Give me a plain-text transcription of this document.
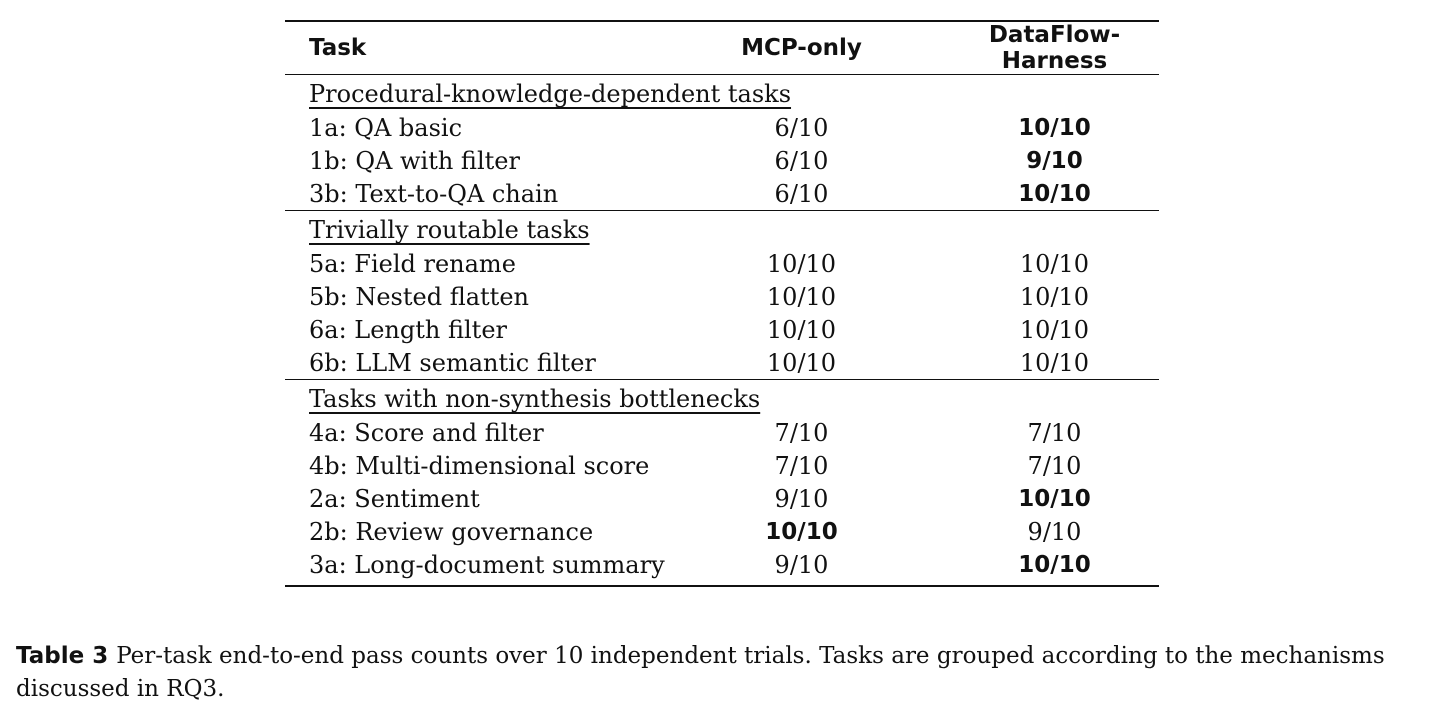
Task	MCP-only	DataFlow-Harness
Procedural-knowledge-dependent tasks		
1a: QA basic	6/10	10/10
1b: QA with filter	6/10	9/10
3b: Text-to-QA chain	6/10	10/10
Trivially routable tasks		
5a: Field rename	10/10	10/10
5b: Nested flatten	10/10	10/10
6a: Length filter	10/10	10/10
6b: LLM semantic filter	10/10	10/10
Tasks with non-synthesis bottlenecks		
4a: Score and filter	7/10	7/10
4b: Multi-dimensional score	7/10	7/10
2a: Sentiment	9/10	10/10
2b: Review governance	10/10	9/10
3a: Long-document summary	9/10	10/10
Table 3 Per-task end-to-end pass counts over 10 independent trials. Tasks are grouped according to the mechanisms discussed in RQ3.
